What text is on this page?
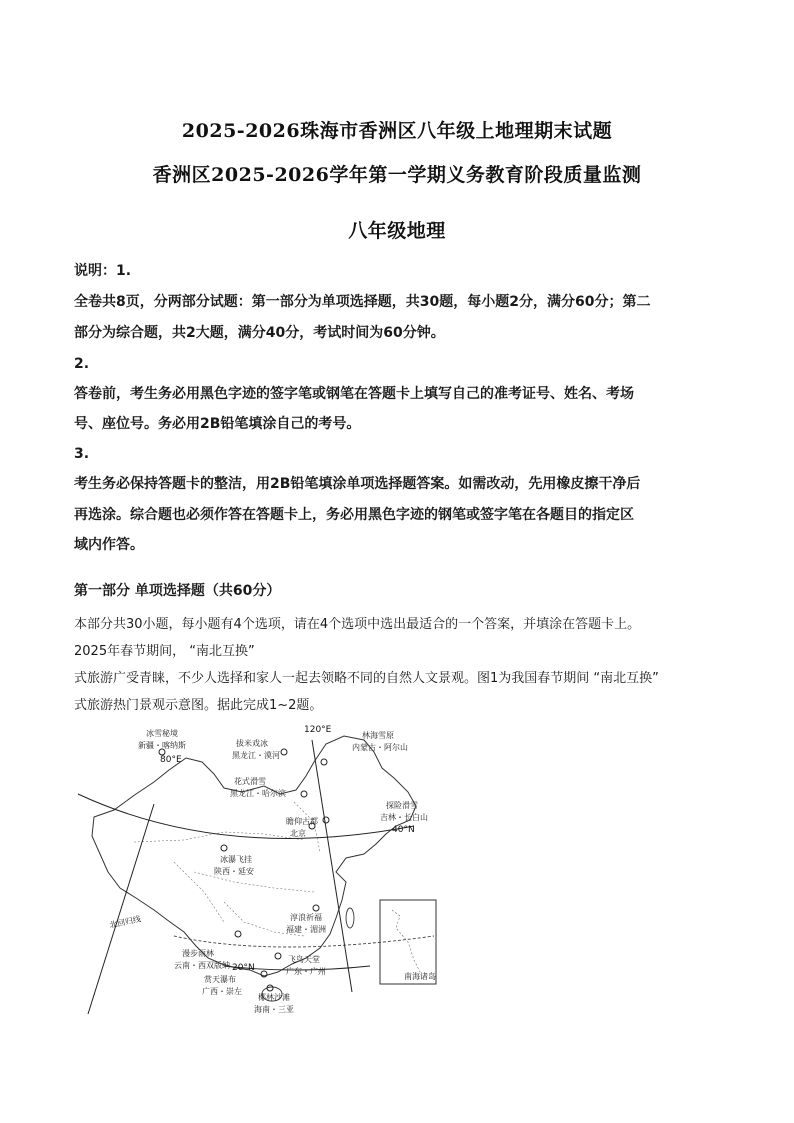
2025-2026珠海市香洲区八年级上地理期末试题
香洲区2025-2026学年第一学期义务教育阶段质量监测
八年级地理
说明：1.
全卷共8页，分两部分试题：第一部分为单项选择题，共30题，每小题2分，满分60分；第二
部分为综合题，共2大题，满分40分，考试时间为60分钟。
2.
答卷前，考生务必用黑色字迹的签字笔或钢笔在答题卡上填写自己的准考证号、姓名、考场
号、座位号。务必用2B铅笔填涂自己的考号。
3.
考生务必保持答题卡的整洁，用2B铅笔填涂单项选择题答案。如需改动，先用橡皮擦干净后
再选涂。综合题也必须作答在答题卡上，务必用黑色字迹的钢笔或签字笔在各题目的指定区
域内作答。
第一部分 单项选择题（共60分）
本部分共30小题，每小题有4个选项，请在4个选项中选出最适合的一个答案，并填涂在答题卡上。
2025年春节期间， “南北互换”
式旅游广受青睐，不少人选择和家人一起去领略不同的自然人文景观。图1为我国春节期间 “南北互换”
式旅游热门景观示意图。据此完成1~2题。
南海诸岛
冰雪秘境
新疆・喀纳斯
80°E
120°E
拔米戏冰
黑龙江・漠河
林海雪原
内蒙古・阿尔山
花式滑雪
黑龙江・哈尔滨
探险滑雪
吉林・长白山
40°N
瞻仰古都
北京
冰瀑飞挂
陕西・延安
淳浪祈福
福建・湄洲
北回归线
漫步雨林
云南・西双版纳 20°N
飞鸟天堂
广东・广州
赏天瀑布
广西・崇左
椰林沙滩
海南・三亚
